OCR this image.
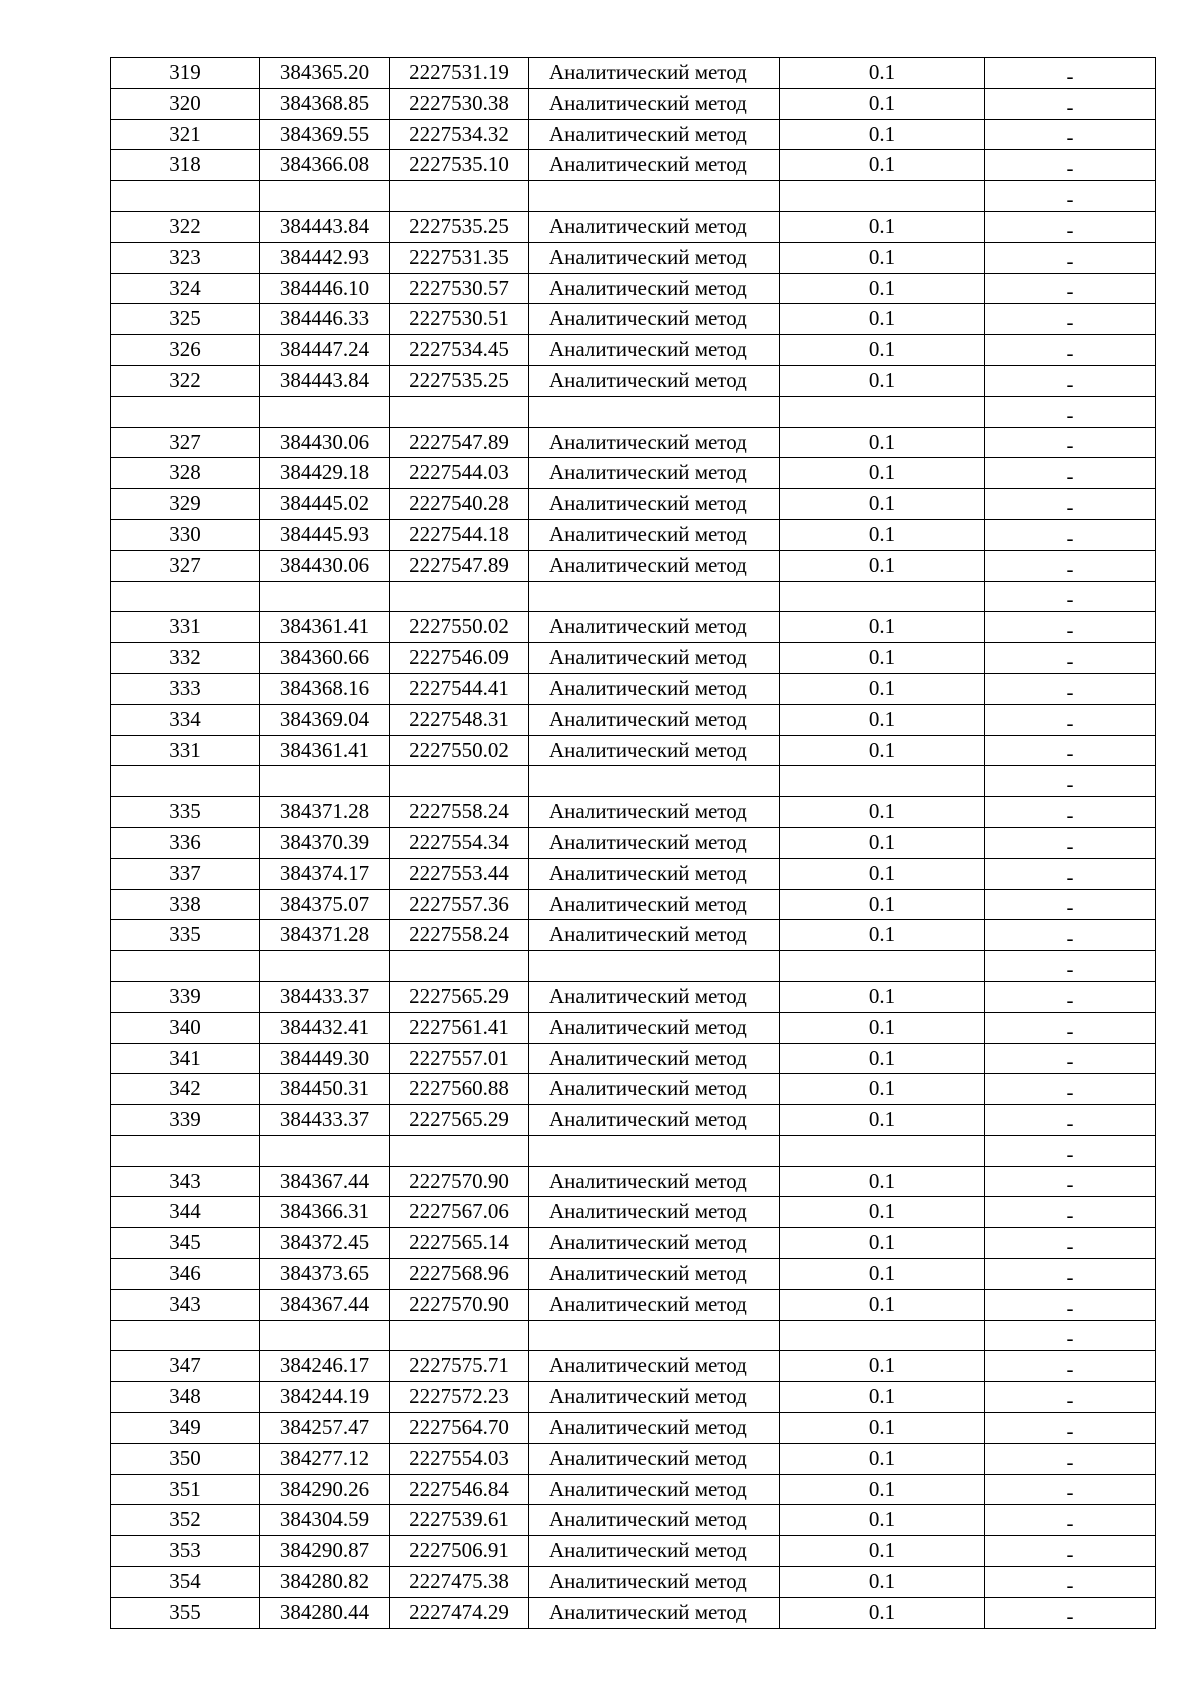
319	384365.20	2227531.19	Аналитический метод	0.1	-
320	384368.85	2227530.38	Аналитический метод	0.1	-
321	384369.55	2227534.32	Аналитический метод	0.1	-
318	384366.08	2227535.10	Аналитический метод	0.1	-
					-
322	384443.84	2227535.25	Аналитический метод	0.1	-
323	384442.93	2227531.35	Аналитический метод	0.1	-
324	384446.10	2227530.57	Аналитический метод	0.1	-
325	384446.33	2227530.51	Аналитический метод	0.1	-
326	384447.24	2227534.45	Аналитический метод	0.1	-
322	384443.84	2227535.25	Аналитический метод	0.1	-
					-
327	384430.06	2227547.89	Аналитический метод	0.1	-
328	384429.18	2227544.03	Аналитический метод	0.1	-
329	384445.02	2227540.28	Аналитический метод	0.1	-
330	384445.93	2227544.18	Аналитический метод	0.1	-
327	384430.06	2227547.89	Аналитический метод	0.1	-
					-
331	384361.41	2227550.02	Аналитический метод	0.1	-
332	384360.66	2227546.09	Аналитический метод	0.1	-
333	384368.16	2227544.41	Аналитический метод	0.1	-
334	384369.04	2227548.31	Аналитический метод	0.1	-
331	384361.41	2227550.02	Аналитический метод	0.1	-
					-
335	384371.28	2227558.24	Аналитический метод	0.1	-
336	384370.39	2227554.34	Аналитический метод	0.1	-
337	384374.17	2227553.44	Аналитический метод	0.1	-
338	384375.07	2227557.36	Аналитический метод	0.1	-
335	384371.28	2227558.24	Аналитический метод	0.1	-
					-
339	384433.37	2227565.29	Аналитический метод	0.1	-
340	384432.41	2227561.41	Аналитический метод	0.1	-
341	384449.30	2227557.01	Аналитический метод	0.1	-
342	384450.31	2227560.88	Аналитический метод	0.1	-
339	384433.37	2227565.29	Аналитический метод	0.1	-
					-
343	384367.44	2227570.90	Аналитический метод	0.1	-
344	384366.31	2227567.06	Аналитический метод	0.1	-
345	384372.45	2227565.14	Аналитический метод	0.1	-
346	384373.65	2227568.96	Аналитический метод	0.1	-
343	384367.44	2227570.90	Аналитический метод	0.1	-
					-
347	384246.17	2227575.71	Аналитический метод	0.1	-
348	384244.19	2227572.23	Аналитический метод	0.1	-
349	384257.47	2227564.70	Аналитический метод	0.1	-
350	384277.12	2227554.03	Аналитический метод	0.1	-
351	384290.26	2227546.84	Аналитический метод	0.1	-
352	384304.59	2227539.61	Аналитический метод	0.1	-
353	384290.87	2227506.91	Аналитический метод	0.1	-
354	384280.82	2227475.38	Аналитический метод	0.1	-
355	384280.44	2227474.29	Аналитический метод	0.1	-
